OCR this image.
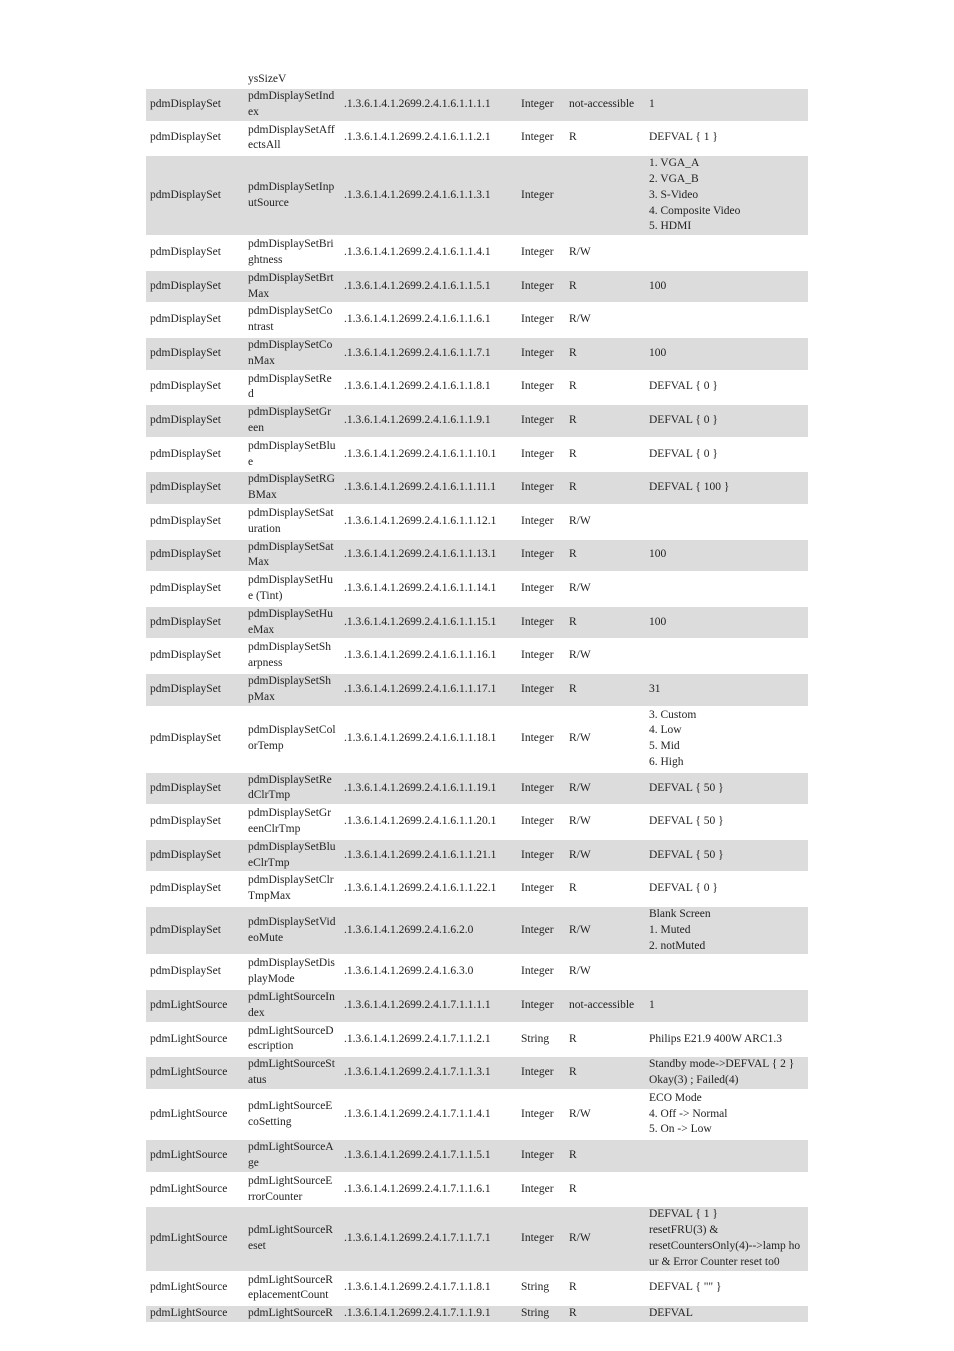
ysSizeV
pdmDisplaySet	pdmDisplaySetIndex	.1.3.6.1.4.1.2699.2.4.1.6.1.1.1.1	Integer	not-accessible	1
pdmDisplaySet	pdmDisplaySetAffectsAll	.1.3.6.1.4.1.2699.2.4.1.6.1.1.2.1	Integer	R	DEFVAL { 1 }
pdmDisplaySet	pdmDisplaySetInputSource	.1.3.6.1.4.1.2699.2.4.1.6.1.1.3.1	Integer		1. VGA_A
2. VGA_B
3. S-Video
4. Composite Video
5. HDMI
pdmDisplaySet	pdmDisplaySetBrightness	.1.3.6.1.4.1.2699.2.4.1.6.1.1.4.1	Integer	R/W	
pdmDisplaySet	pdmDisplaySetBrtMax	.1.3.6.1.4.1.2699.2.4.1.6.1.1.5.1	Integer	R	100
pdmDisplaySet	pdmDisplaySetContrast	.1.3.6.1.4.1.2699.2.4.1.6.1.1.6.1	Integer	R/W	
pdmDisplaySet	pdmDisplaySetConMax	.1.3.6.1.4.1.2699.2.4.1.6.1.1.7.1	Integer	R	100
pdmDisplaySet	pdmDisplaySetRed	.1.3.6.1.4.1.2699.2.4.1.6.1.1.8.1	Integer	R	DEFVAL { 0 }
pdmDisplaySet	pdmDisplaySetGreen	.1.3.6.1.4.1.2699.2.4.1.6.1.1.9.1	Integer	R	DEFVAL { 0 }
pdmDisplaySet	pdmDisplaySetBlue	.1.3.6.1.4.1.2699.2.4.1.6.1.1.10.1	Integer	R	DEFVAL { 0 }
pdmDisplaySet	pdmDisplaySetRGBMax	.1.3.6.1.4.1.2699.2.4.1.6.1.1.11.1	Integer	R	DEFVAL { 100 }
pdmDisplaySet	pdmDisplaySetSaturation	.1.3.6.1.4.1.2699.2.4.1.6.1.1.12.1	Integer	R/W	
pdmDisplaySet	pdmDisplaySetSatMax	.1.3.6.1.4.1.2699.2.4.1.6.1.1.13.1	Integer	R	100
pdmDisplaySet	pdmDisplaySetHue (Tint)	.1.3.6.1.4.1.2699.2.4.1.6.1.1.14.1	Integer	R/W	
pdmDisplaySet	pdmDisplaySetHueMax	.1.3.6.1.4.1.2699.2.4.1.6.1.1.15.1	Integer	R	100
pdmDisplaySet	pdmDisplaySetSharpness	.1.3.6.1.4.1.2699.2.4.1.6.1.1.16.1	Integer	R/W	
pdmDisplaySet	pdmDisplaySetShpMax	.1.3.6.1.4.1.2699.2.4.1.6.1.1.17.1	Integer	R	31
pdmDisplaySet	pdmDisplaySetColorTemp	.1.3.6.1.4.1.2699.2.4.1.6.1.1.18.1	Integer	R/W	3. Custom
4. Low
5. Mid
6. High
pdmDisplaySet	pdmDisplaySetRedClrTmp	.1.3.6.1.4.1.2699.2.4.1.6.1.1.19.1	Integer	R/W	DEFVAL { 50 }
pdmDisplaySet	pdmDisplaySetGreenClrTmp	.1.3.6.1.4.1.2699.2.4.1.6.1.1.20.1	Integer	R/W	DEFVAL { 50 }
pdmDisplaySet	pdmDisplaySetBlueClrTmp	.1.3.6.1.4.1.2699.2.4.1.6.1.1.21.1	Integer	R/W	DEFVAL { 50 }
pdmDisplaySet	pdmDisplaySetClrTmpMax	.1.3.6.1.4.1.2699.2.4.1.6.1.1.22.1	Integer	R	DEFVAL { 0 }
pdmDisplaySet	pdmDisplaySetVideoMute	.1.3.6.1.4.1.2699.2.4.1.6.2.0	Integer	R/W	Blank Screen
1. Muted
2. notMuted
pdmDisplaySet	pdmDisplaySetDisplayMode	.1.3.6.1.4.1.2699.2.4.1.6.3.0	Integer	R/W	
pdmLightSource	pdmLightSourceIndex	.1.3.6.1.4.1.2699.2.4.1.7.1.1.1.1	Integer	not-accessible	1
pdmLightSource	pdmLightSourceDescription	.1.3.6.1.4.1.2699.2.4.1.7.1.1.2.1	String	R	Philips E21.9 400W ARC1.3
pdmLightSource	pdmLightSourceStatus	.1.3.6.1.4.1.2699.2.4.1.7.1.1.3.1	Integer	R	Standby mode->DEFVAL { 2 }
Okay(3) ; Failed(4)
pdmLightSource	pdmLightSourceEcoSetting	.1.3.6.1.4.1.2699.2.4.1.7.1.1.4.1	Integer	R/W	ECO Mode
4. Off -> Normal
5. On -> Low
pdmLightSource	pdmLightSourceAge	.1.3.6.1.4.1.2699.2.4.1.7.1.1.5.1	Integer	R	
pdmLightSource	pdmLightSourceErrorCounter	.1.3.6.1.4.1.2699.2.4.1.7.1.1.6.1	Integer	R	
pdmLightSource	pdmLightSourceReset	.1.3.6.1.4.1.2699.2.4.1.7.1.1.7.1	Integer	R/W	DEFVAL { 1 }
resetFRU(3) &
resetCountersOnly(4)-->lamp hour & Error Counter reset to0
pdmLightSource	pdmLightSourceReplacementCount	.1.3.6.1.4.1.2699.2.4.1.7.1.1.8.1	String	R	DEFVAL { "" }
pdmLightSource	pdmLightSourceR	.1.3.6.1.4.1.2699.2.4.1.7.1.1.9.1	String	R	DEFVAL
